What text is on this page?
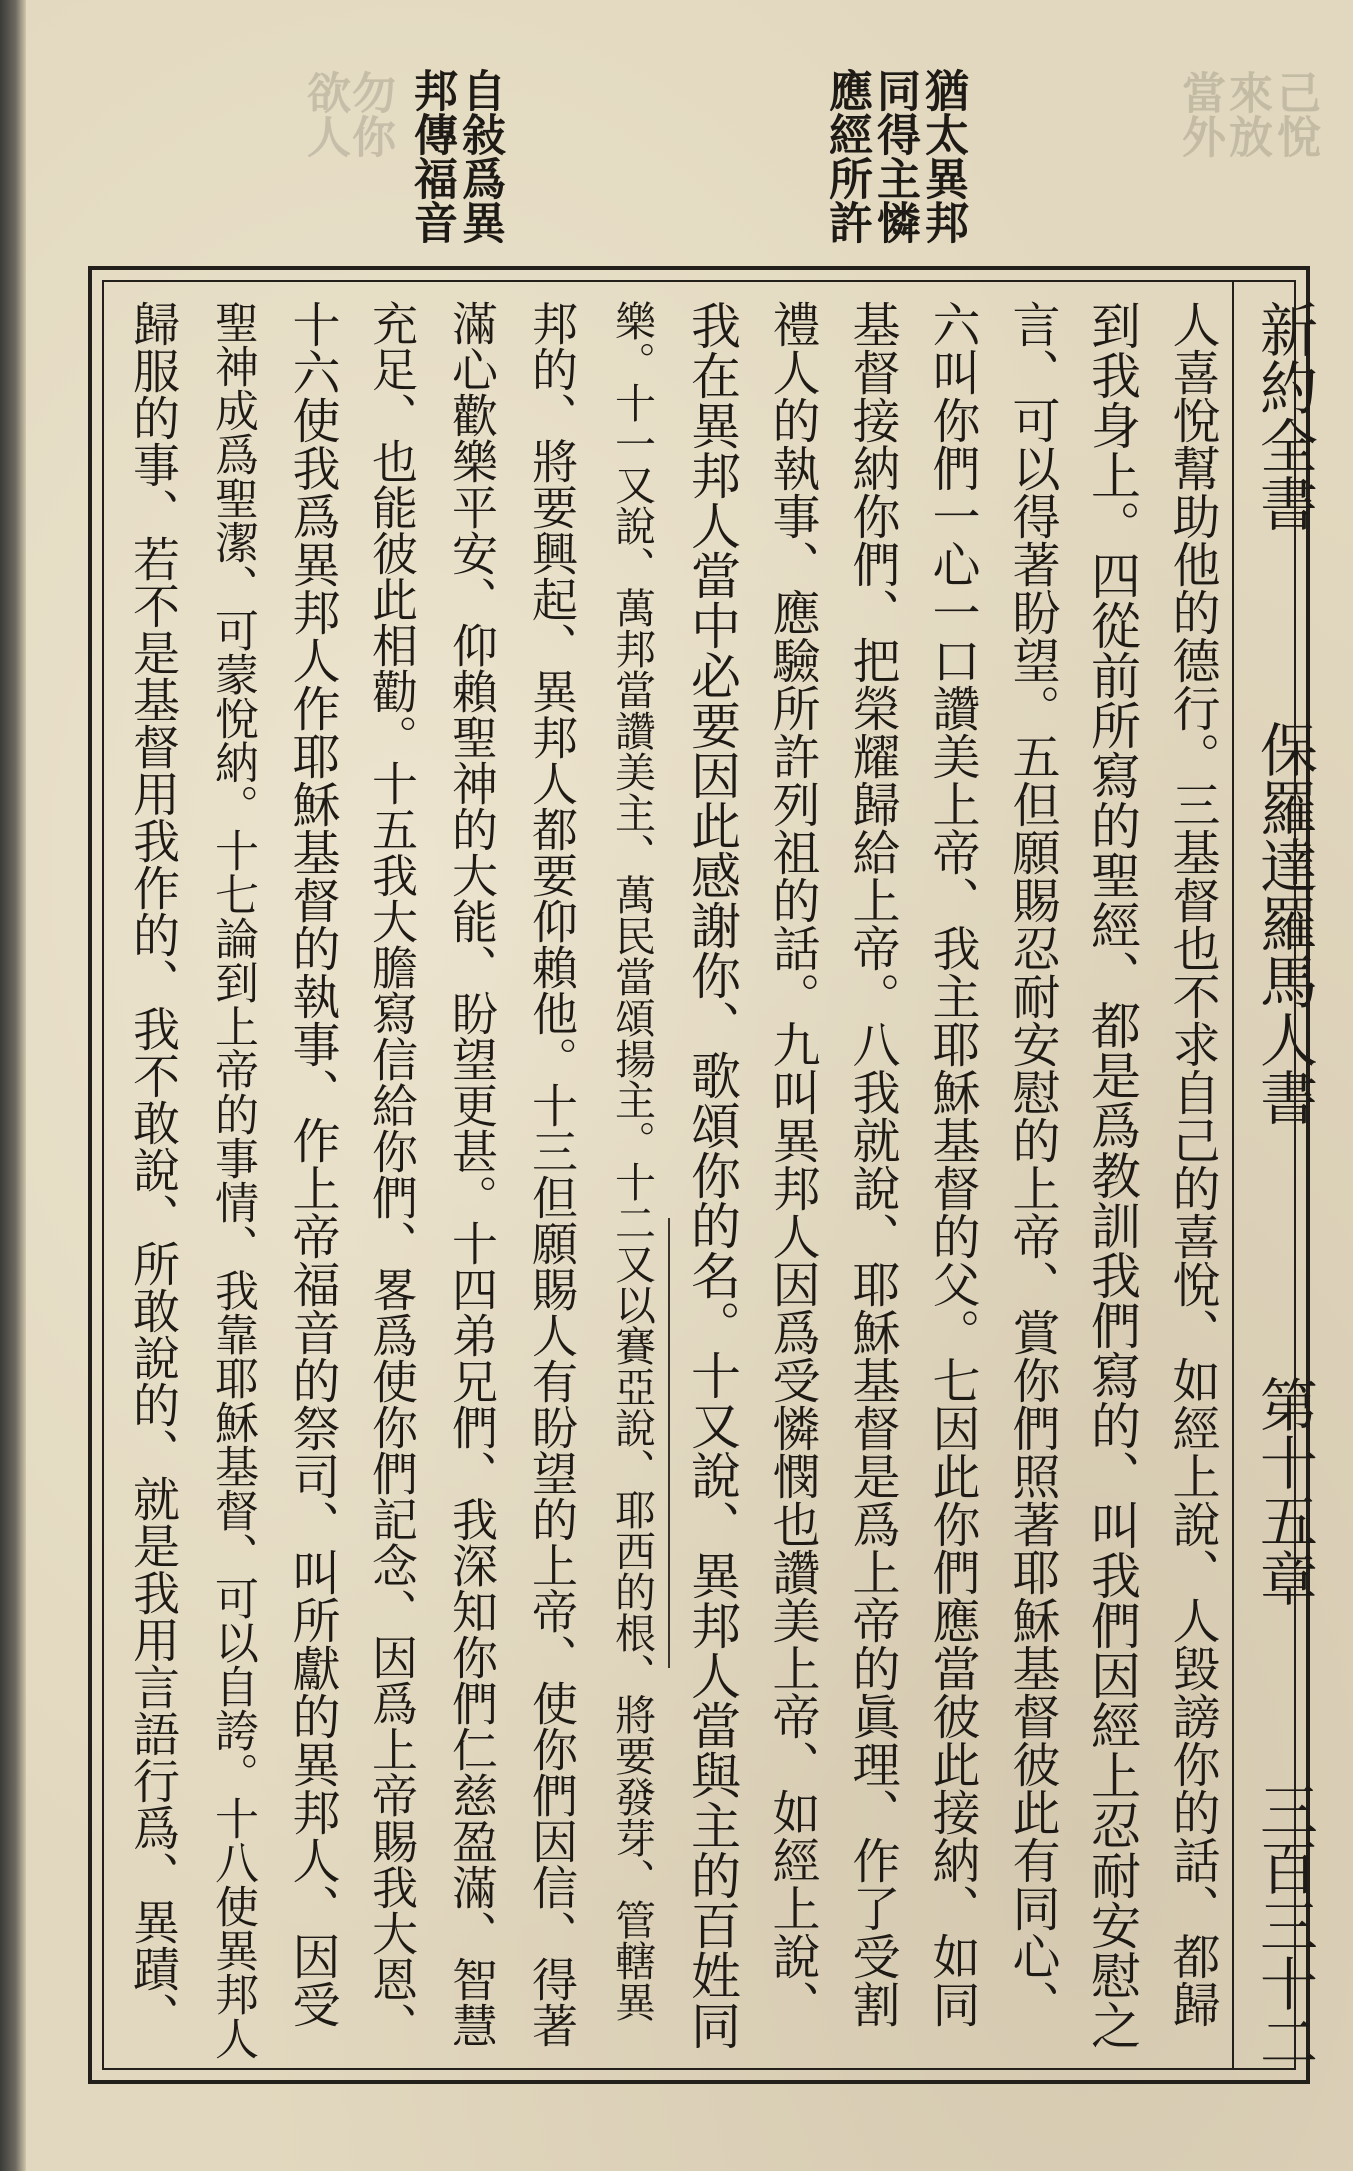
當外
來放
己悅
欲人
勿你	猶太異邦
同得主憐
應經所許
自敍爲異
邦傳福音
新約全書
保羅達羅馬人書
第十五章
三百三十二
人喜悅幫助他的德行。三基督也不求自己的喜悅、如經上說、人毀謗你的話、都歸
到我身上。四從前所寫的聖經、都是爲教訓我們寫的、叫我們因經上忍耐安慰之
言、可以得著盼望。五但願賜忍耐安慰的上帝、賞你們照著耶穌基督彼此有同心、
六叫你們一心一口讚美上帝、我主耶穌基督的父。七因此你們應當彼此接納、如同
基督接納你們、把榮耀歸給上帝。八我就說、耶穌基督是爲上帝的眞理、作了受割
禮人的執事、應驗所許列祖的話。九叫異邦人因爲受憐憫也讚美上帝、如經上說、
我在異邦人當中必要因此感謝你、歌頌你的名。十又說、異邦人當與主的百姓同
樂。十一又說、萬邦當讚美主、萬民當頌揚主。十二又以賽亞說、耶西的根、將要發芽、管轄異
邦的、將要興起、異邦人都要仰賴他。十三但願賜人有盼望的上帝、使你們因信、得著
滿心歡樂平安、仰賴聖神的大能、盼望更甚。十四弟兄們、我深知你們仁慈盈滿、智慧
充足、也能彼此相勸。十五我大膽寫信給你們、畧爲使你們記念、因爲上帝賜我大恩、
十六使我爲異邦人作耶穌基督的執事、作上帝福音的祭司、叫所獻的異邦人、因受
聖神成爲聖潔、可蒙悅納。十七論到上帝的事情、我靠耶穌基督、可以自誇。十八使異邦人
歸服的事、若不是基督用我作的、我不敢說、所敢說的、就是我用言語行爲、異蹟、
